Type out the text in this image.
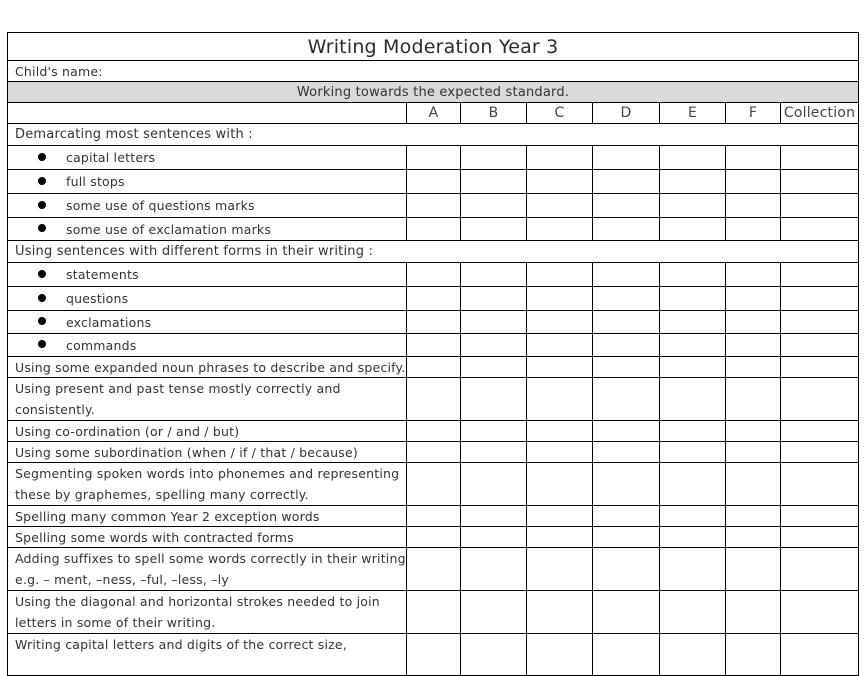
Writing Moderation Year 3							
Child's name:							
Working towards the expected standard.							
	A	B	C	D	E	F	Collection
Demarcating most sentences with :							
capital letters							
full stops							
some use of questions marks							
some use of exclamation marks							
Using sentences with different forms in their writing :							
statements							
questions							
exclamations							
commands							
Using some expanded noun phrases to describe and specify.							
Using present and past tense mostly correctly and consistently.							
Using co-ordination (or / and / but)							
Using some subordination (when / if / that / because)							
Segmenting spoken words into phonemes and representing these by graphemes, spelling many correctly.							
Spelling many common Year 2 exception words							
Spelling some words with contracted forms							
Adding suffixes to spell some words correctly in their writing e.g. – ment, –ness, –ful, –less, –ly							
Using the diagonal and horizontal strokes needed to join letters in some of their writing.							
Writing capital letters and digits of the correct size,							
